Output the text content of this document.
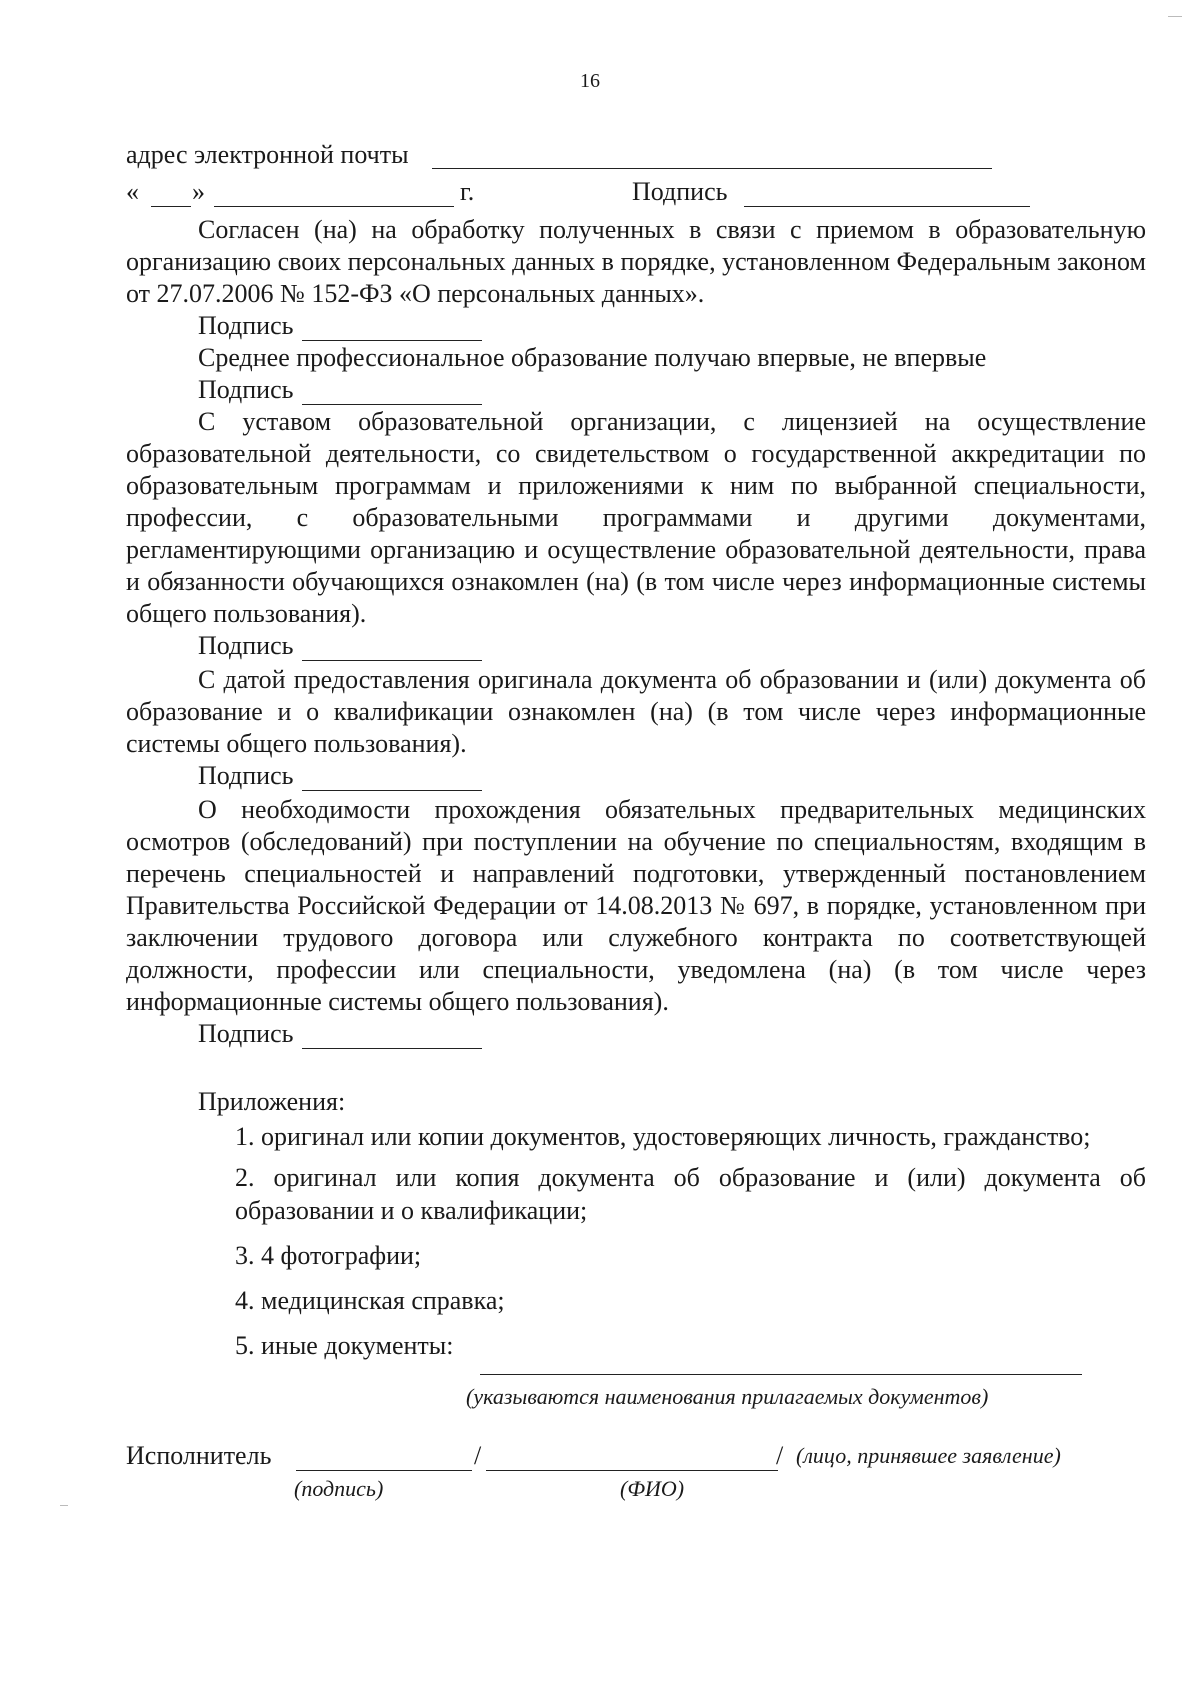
16
адрес электронной почты
« »	г.	Подпись

Согласен (на) на обработку полученных в связи с приемом в образовательную организацию своих персональных данных в порядке, установленном Федеральным законом от 27.07.2006 № 152-ФЗ «О персональных данных».

Подпись
Среднее профессиональное образование получаю впервые, не впервые
Подпись

С уставом образовательной организации, с лицензией на осуществление образовательной деятельности, со свидетельством о государственной аккредитации по образовательным программам и приложениями к ним по выбранной специальности, профессии, с образовательными программами и другими документами, регламентирующими организацию и осуществление образовательной деятельности, права и обязанности обучающихся ознакомлен (на) (в том числе через информационные системы общего пользования).

Подпись

С датой предоставления оригинала документа об образовании и (или) документа об образование и о квалификации ознакомлен (на) (в том числе через информационные системы общего пользования).

Подпись

О необходимости прохождения обязательных предварительных медицинских осмотров (обследований) при поступлении на обучение по специальностям, входящим в перечень специальностей и направлений подготовки, утвержденный постановлением Правительства Российской Федерации от 14.08.2013 № 697, в порядке, установленном при заключении трудового договора или служебного контракта по соответствующей должности, профессии или специальности, уведомлена (на) (в том числе через информационные системы общего пользования).

Подпись
Приложения:

1. оригинал или копии документов, удостоверяющих личность, гражданство;

2. оригинал или копия документа об образование и (или) документа об образовании и о квалификации;

3. 4 фотографии;

4. медицинская справка;

5. иные документы:

(указываются наименования прилагаемых документов)
Исполнитель	/	/ (лицо, принявшее заявление)
(подпись)	(ФИО)
